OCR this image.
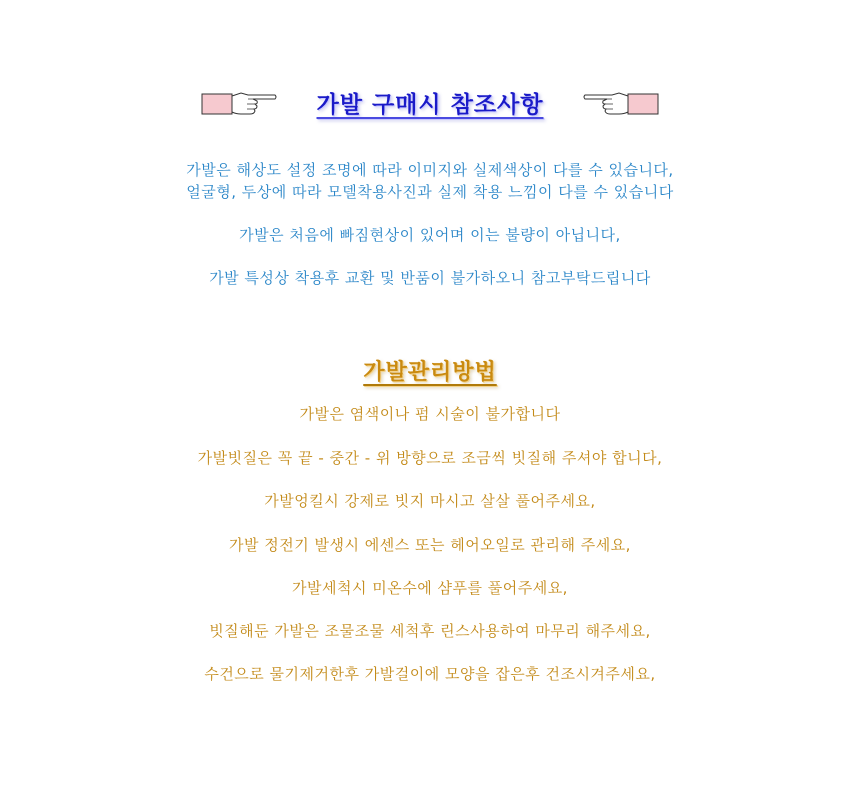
가발 구매시 참조사항

가발은 해상도 설정 조명에 따라 이미지와 실제색상이 다를 수 있습니다,

얼굴형, 두상에 따라 모델착용사진과 실제 착용 느낌이 다를 수 있습니다

가발은 처음에 빠짐현상이 있어며 이는 불량이 아닙니다,

가발 특성상 착용후 교환 및 반품이 불가하오니 참고부탁드립니다

가발관리방법
가발은 염색이나 펌 시술이 불가합니다
가발빗질은 꼭 끝 - 중간 - 위 방향으로 조금씩 빗질해 주셔야 합니다,
가발엉킬시 강제로 빗지 마시고 살살 풀어주세요,
가발 정전기 발생시 에센스 또는 헤어오일로 관리해 주세요,
가발세척시 미온수에 샴푸를 풀어주세요,
빗질해둔 가발은 조물조물 세척후 린스사용하여 마무리 해주세요,
수건으로 물기제거한후 가발걸이에 모양을 잡은후 건조시겨주세요,
